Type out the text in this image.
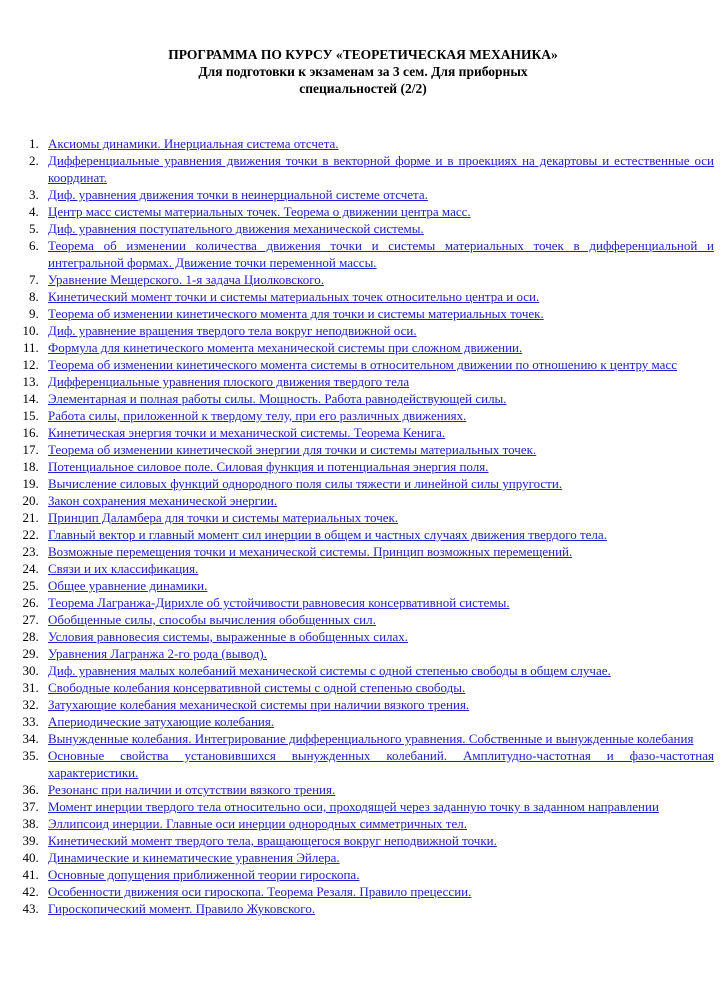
ПРОГРАММА ПО КУРСУ «ТЕОРЕТИЧЕСКАЯ МЕХАНИКА»
Для подготовки к экзаменам за 3 сем. Для приборных
специальностей (2/2)
1. Аксиомы динамики. Инерциальная система отсчета.
2. Дифференциальные уравнения движения точки в векторной форме и в проекциях на декартовы и естественные оси координат.
3. Диф. уравнения движения точки в неинерциальной системе отсчета.
4. Центр масс системы материальных точек. Теорема о движении центра масс.
5. Диф. уравнения поступательного движения механической системы.
6. Теорема об изменении количества движения точки и системы материальных точек в дифференциальной и интегральной формах. Движение точки переменной массы.
7. Уравнение Мещерского. 1-я задача Циолковского.
8. Кинетический момент точки и системы материальных точек относительно центра и оси.
9. Теорема об изменении кинетического момента для точки и системы материальных точек.
10. Диф. уравнение вращения твердого тела вокруг неподвижной оси.
11. Формула для кинетического момента механической системы при сложном движении.
12. Теорема об изменении кинетического момента системы в относительном движении по отношению к центру масс
13. Дифференциальные уравнения плоского движения твердого тела
14. Элементарная и полная работы силы. Мощность. Работа равнодействующей силы.
15. Работа силы, приложенной к твердому телу, при его различных движениях.
16. Кинетическая энергия точки и механической системы. Теорема Кенига.
17. Теорема об изменении кинетической энергии для точки и системы материальных точек.
18. Потенциальное силовое поле. Силовая функция и потенциальная энергия поля.
19. Вычисление силовых функций однородного поля силы тяжести и линейной силы упругости.
20. Закон сохранения механической энергии.
21. Принцип Даламбера для точки и системы материальных точек.
22. Главный вектор и главный момент сил инерции в общем и частных случаях движения твердого тела.
23. Возможные перемещения точки и механической системы. Принцип возможных перемещений.
24. Связи и их классификация.
25. Общее уравнение динамики.
26. Теорема Лагранжа-Дирихле об устойчивости равновесия консервативной системы.
27. Обобщенные силы, способы вычисления обобщенных сил.
28. Условия равновесия системы, выраженные в обобщенных силах.
29. Уравнения Лагранжа 2-го рода (вывод).
30. Диф. уравнения малых колебаний механической системы с одной степенью свободы в общем случае.
31. Свободные колебания консервативной системы с одной степенью свободы.
32. Затухающие колебания механической системы при наличии вязкого трения.
33. Апериодические затухающие колебания.
34. Вынужденные колебания. Интегрирование дифференциального уравнения. Собственные и вынужденные колебания
35. Основные свойства установившихся вынужденных колебаний. Амплитудно-частотная и фазо-частотная характеристики.
36. Резонанс при наличии и отсутствии вязкого трения.
37. Момент инерции твердого тела относительно оси, проходящей через заданную точку в заданном направлении
38. Эллипсоид инерции. Главные оси инерции однородных симметричных тел.
39. Кинетический момент твердого тела, вращающегося вокруг неподвижной точки.
40. Динамические и кинематические уравнения Эйлера.
41. Основные допущения приближенной теории гироскопа.
42. Особенности движения оси гироскопа. Теорема Резаля. Правило прецессии.
43. Гироскопический момент. Правило Жуковского.
